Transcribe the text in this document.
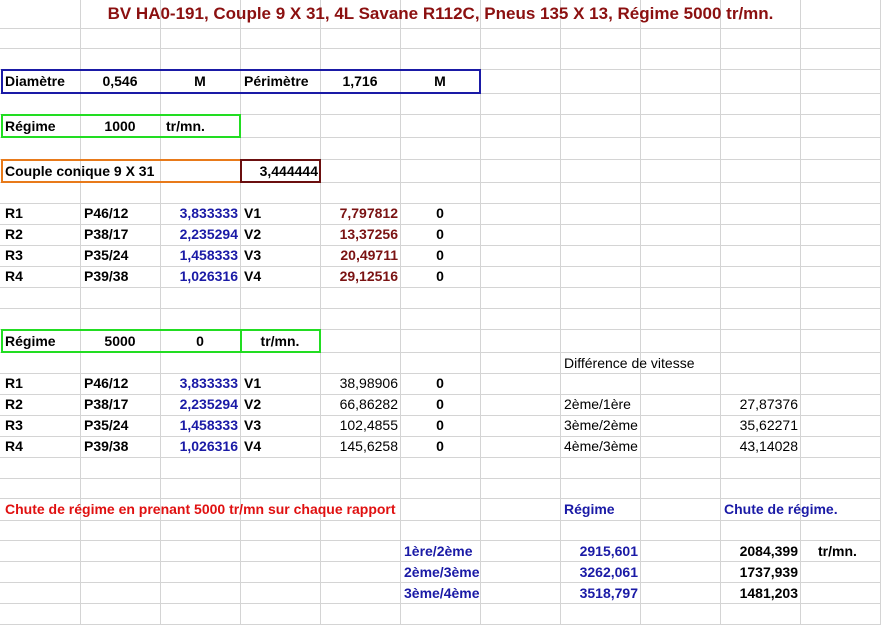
BV HA0-191, Couple 9 X 31, 4L Savane R112C, Pneus 135 X 13, Régime 5000 tr/mn.
Diamètre	0,546	M	Périmètre	1,716	M
Régime	1000	tr/mn.
Couple conique 9 X 31	3,444444
R1	P46/12	3,833333 V1	7,797812	0
R2	P38/17	2,235294 V2	13,37256	0
R3	P35/24	1,458333 V3	20,49711	0
R4	P39/38	1,026316 V4	29,12516	0
Régime	5000	0	tr/mn.
Différence de vitesse
R1	P46/12	3,833333 V1	38,98906	0
R2	P38/17	2,235294 V2	66,86282	0	2ème/1ère	27,87376
R3	P35/24	1,458333 V3	102,4855	0	3ème/2ème	35,62271
R4	P39/38	1,026316 V4	145,6258	0	4ème/3ème	43,14028
Chute de régime en prenant 5000 tr/mn sur chaque rapport	Régime	Chute de régime.
1ère/2ème	2915,601	2084,399 tr/mn.
2ème/3ème	3262,061	1737,939
3ème/4ème	3518,797	1481,203
